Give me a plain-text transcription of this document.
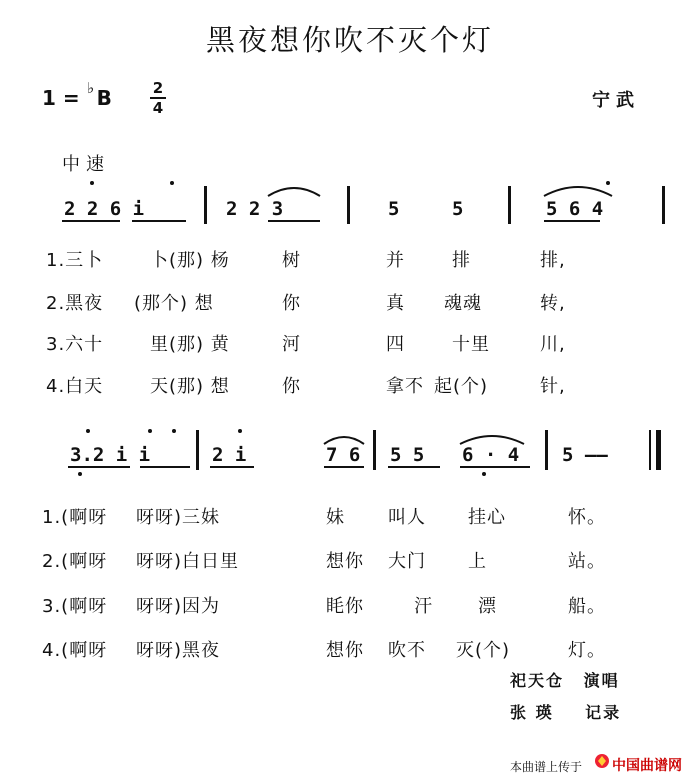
黑夜想你吹不灭个灯
1 = ♭ B	2
4	宁武
中速
2 2 6 i	2 2 3	5	5	5 6 4
1.三卜	卜(那) 杨	树	并	排	排,
2.黑夜 (那个) 想	你	真 魂魂	转,
3.六十	里(那) 黄	河	四	十里	川,
4.白天	天(那) 想	你	拿不 起(个)	针,
3.2 i i	2 i	7 6 5 5 6 · 4 5 ——
1.(啊呀 呀呀)三妹	妹 叫人 挂心	怀。
2.(啊呀 呀呀)白日里	想你 大门 上	站。
3.(啊呀 呀呀)因为	眊你	汗	漂	船。
4.(啊呀 呀呀)黑夜	想你 吹不 灭(个)	灯。
祀天仓 演唱
张 瑛 记录
本曲谱上传于 中国曲谱网
